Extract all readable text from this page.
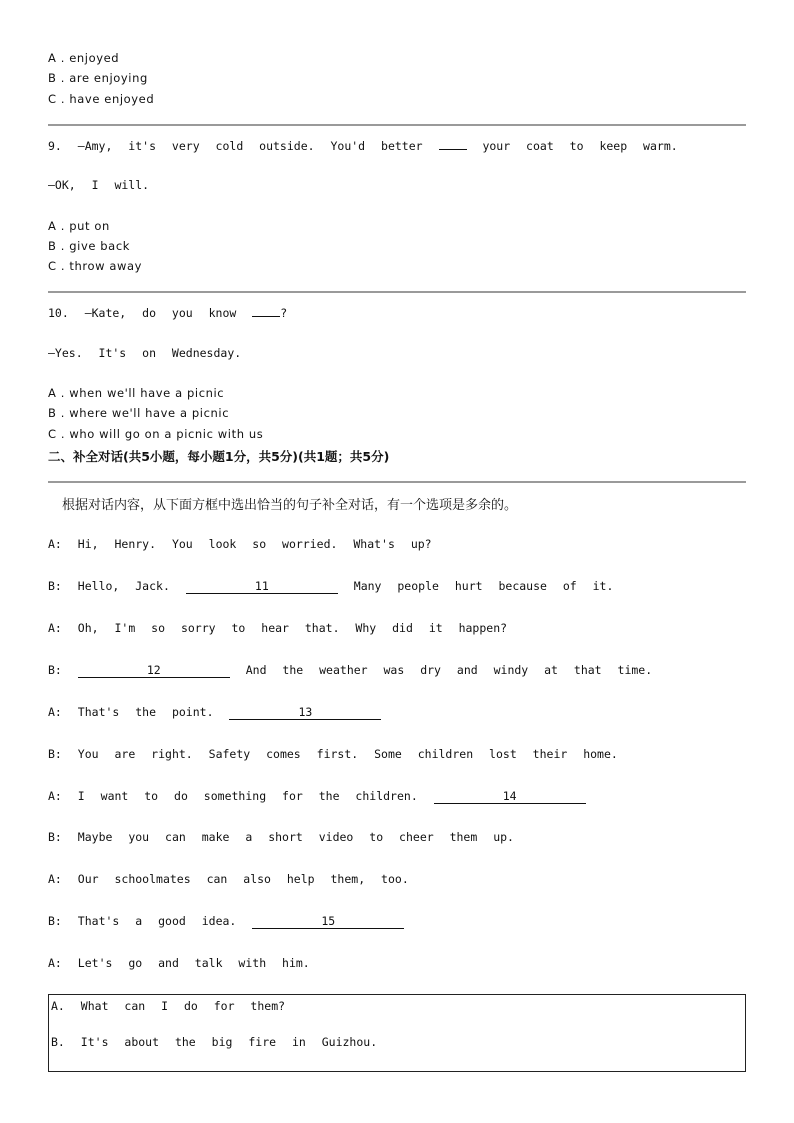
A . enjoyed
B . are enjoying
C . have enjoyed
9. —Amy, it's very cold outside. You'd better	your coat to keep warm.
—OK, I will.
A . put on
B . give back
C . throw away
10. —Kate, do you know	?
—Yes. It's on Wednesday.
A . when we'll have a picnic
B . where we'll have a picnic
C . who will go on a picnic with us
二、补全对话(共5小题，每小题1分，共5分)(共1题；共5分)
根据对话内容，从下面方框中选出恰当的句子补全对话，有一个选项是多余的。
A: Hi, Henry. You look so worried. What's up?
B: Hello, Jack.	11	Many people hurt because of it.
A: Oh, I'm so sorry to hear that. Why did it happen?
B:	12	And the weather was dry and windy at that time.
A: That's the point.	13
B: You are right. Safety comes first. Some children lost their home.
A: I want to do something for the children.	14
B: Maybe you can make a short video to cheer them up.
A: Our schoolmates can also help them, too.
B: That's a good idea.	15
A: Let's go and talk with him.
A. What can I do for them?
B. It's about the big fire in Guizhou.
